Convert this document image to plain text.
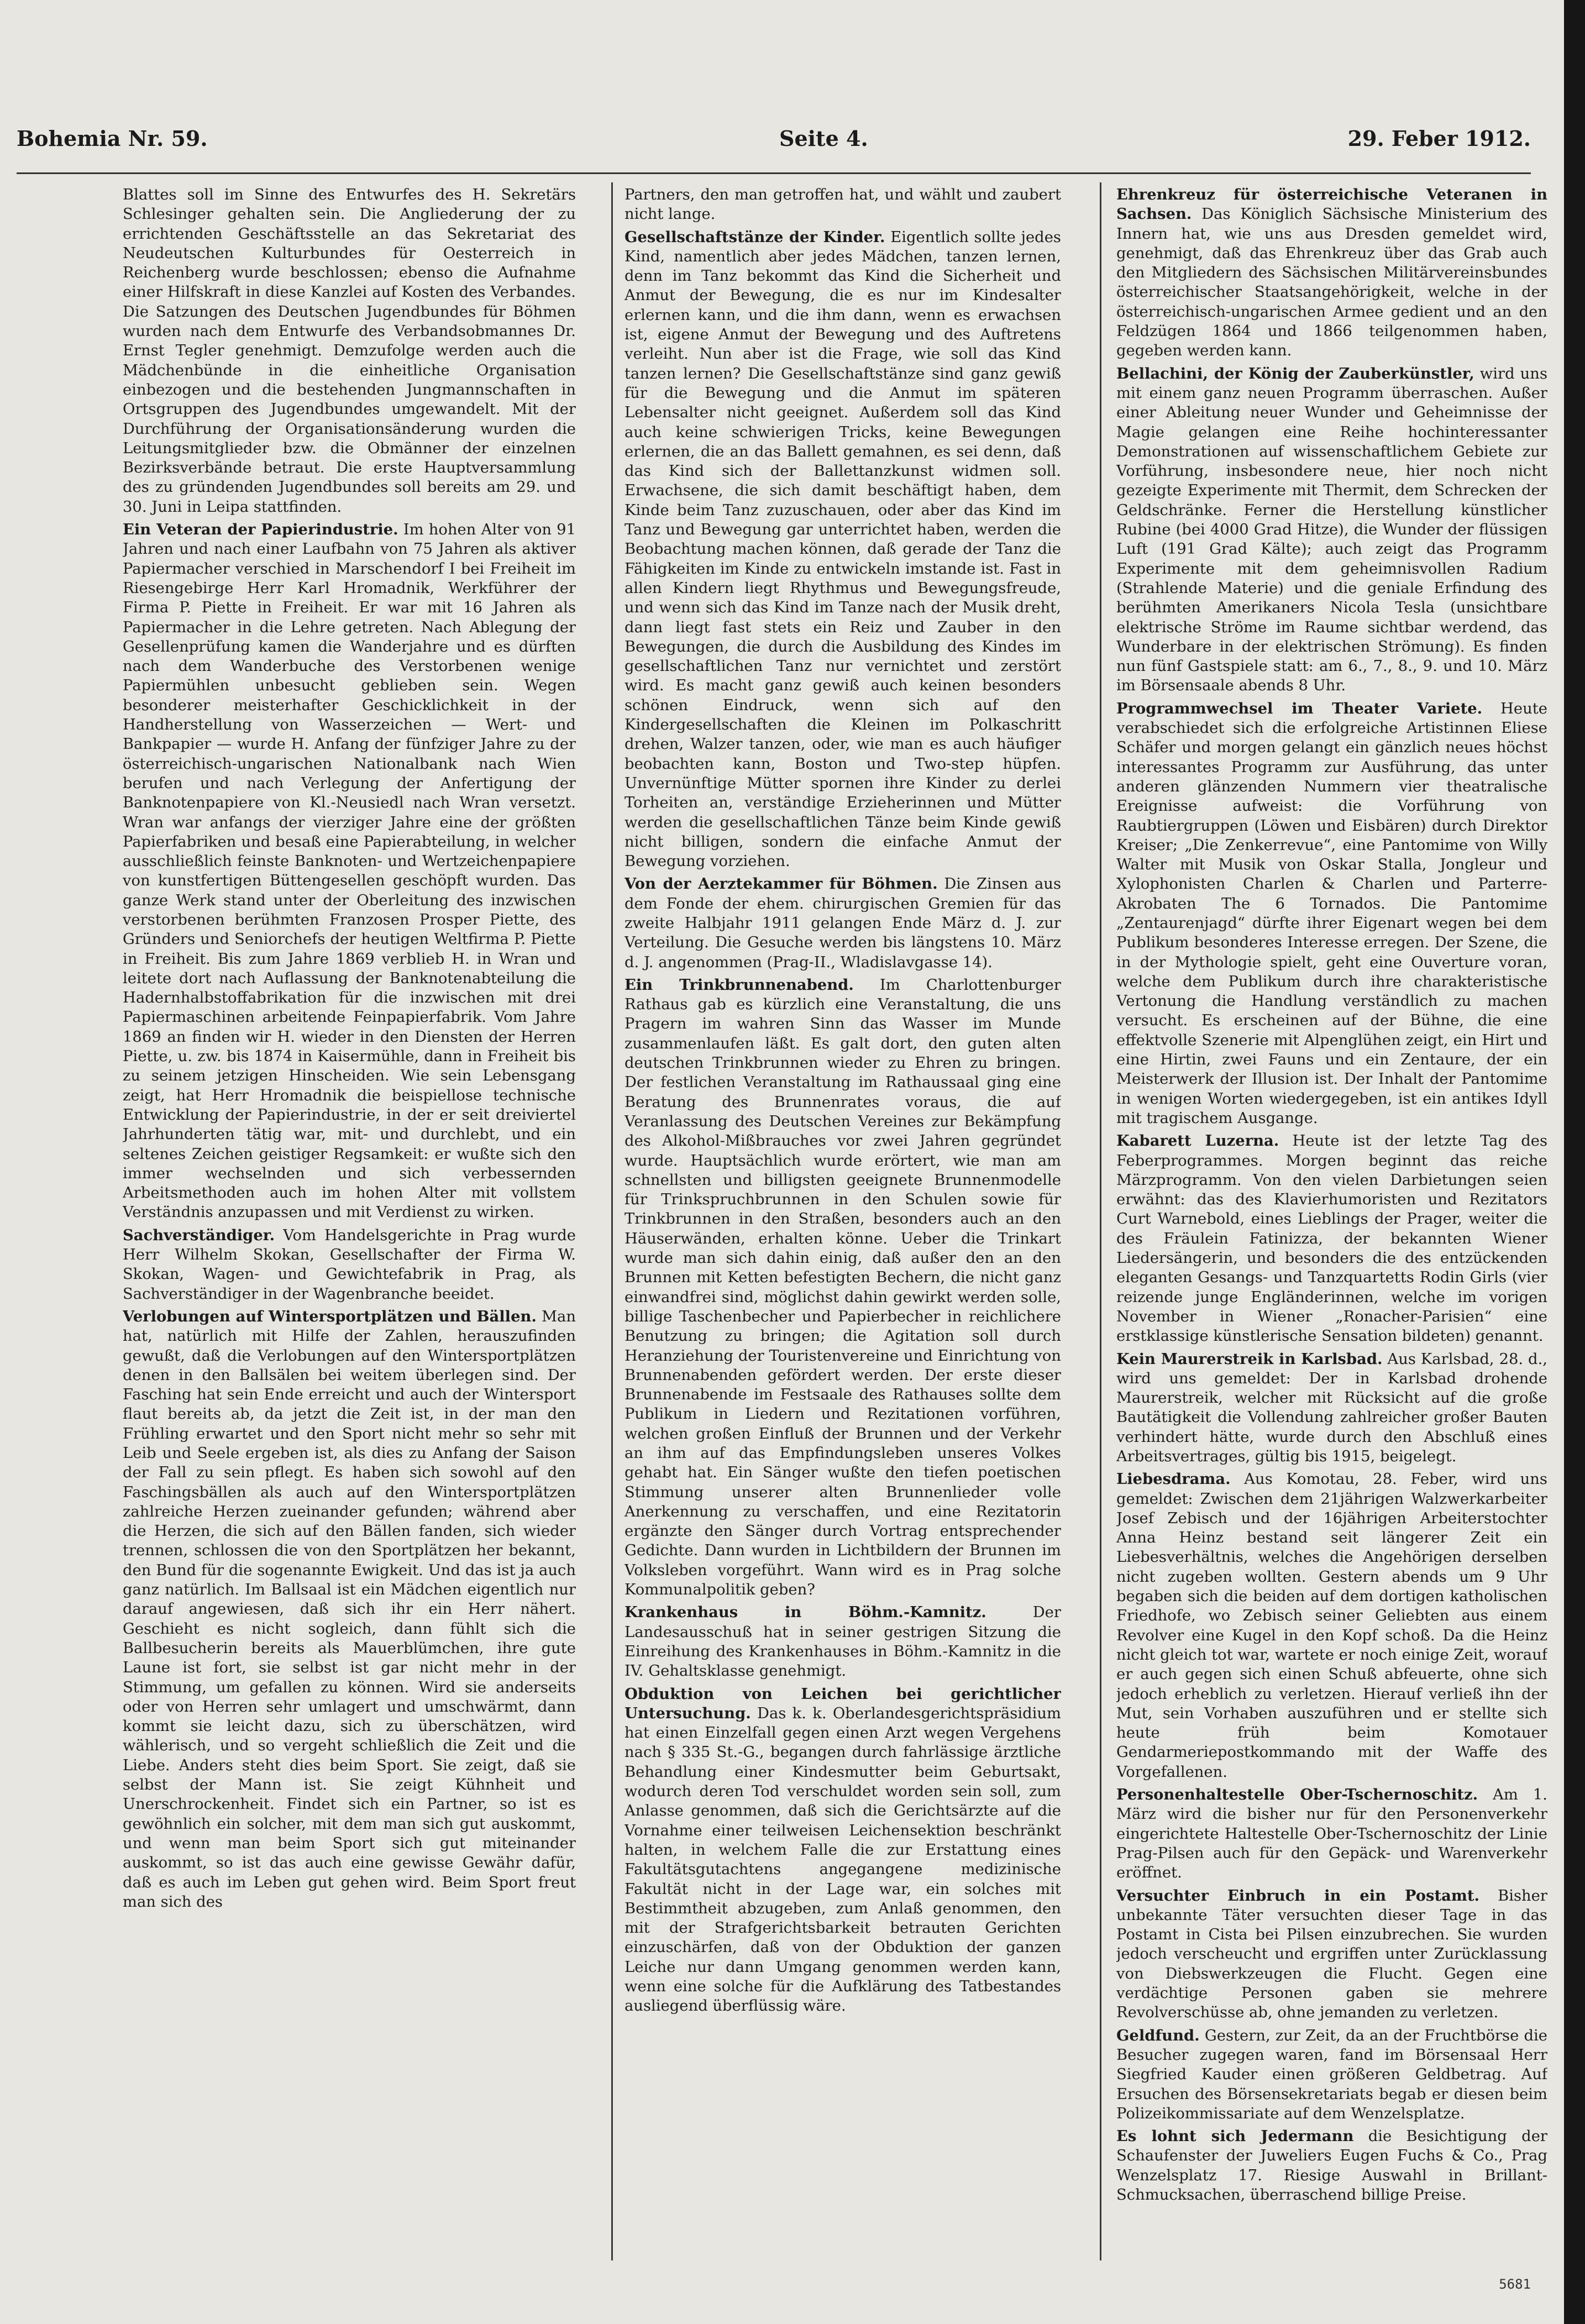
Bohemia Nr. 59.	Seite 4.	29. Feber 1912.

Blattes soll im Sinne des Entwurfes des H. Sekretärs Schlesinger gehalten sein. Die Angliederung der zu errichtenden Geschäftsstelle an das Sekretariat des Neudeutschen Kulturbundes für Oesterreich in Reichenberg wurde beschlossen; ebenso die Aufnahme einer Hilfskraft in diese Kanzlei auf Kosten des Verbandes. Die Satzungen des Deutschen Jugendbundes für Böhmen wurden nach dem Entwurfe des Verbandsobmannes Dr. Ernst Tegler genehmigt. Demzufolge werden auch die Mädchenbünde in die einheitliche Organisation einbezogen und die bestehenden Jungmannschaften in Ortsgruppen des Jugendbundes umgewandelt. Mit der Durchführung der Organisationsänderung wurden die Leitungsmitglieder bzw. die Obmänner der einzelnen Bezirksverbände betraut. Die erste Hauptversammlung des zu gründenden Jugendbundes soll bereits am 29. und 30. Juni in Leipa stattfinden.

Ein Veteran der Papierindustrie. Im hohen Alter von 91 Jahren und nach einer Laufbahn von 75 Jahren als aktiver Papiermacher verschied in Marschendorf I bei Freiheit im Riesengebirge Herr Karl Hromadnik, Werkführer der Firma P. Piette in Freiheit. Er war mit 16 Jahren als Papiermacher in die Lehre getreten. Nach Ablegung der Gesellenprüfung kamen die Wanderjahre und es dürften nach dem Wanderbuche des Verstorbenen wenige Papiermühlen unbesucht geblieben sein. Wegen besonderer meisterhafter Geschicklichkeit in der Handherstellung von Wasserzeichen — Wert- und Bankpapier — wurde H. Anfang der fünfziger Jahre zu der österreichisch-ungarischen Nationalbank nach Wien berufen und nach Verlegung der Anfertigung der Banknotenpapiere von Kl.-Neusiedl nach Wran versetzt. Wran war anfangs der vierziger Jahre eine der größten Papierfabriken und besaß eine Papierabteilung, in welcher ausschließlich feinste Banknoten- und Wertzeichenpapiere von kunstfertigen Büttengesellen geschöpft wurden. Das ganze Werk stand unter der Oberleitung des inzwischen verstorbenen berühmten Franzosen Prosper Piette, des Gründers und Seniorchefs der heutigen Weltfirma P. Piette in Freiheit. Bis zum Jahre 1869 verblieb H. in Wran und leitete dort nach Auflassung der Banknotenabteilung die Hadernhalbstoffabrikation für die inzwischen mit drei Papiermaschinen arbeitende Feinpapierfabrik. Vom Jahre 1869 an finden wir H. wieder in den Diensten der Herren Piette, u. zw. bis 1874 in Kaisermühle, dann in Freiheit bis zu seinem jetzigen Hinscheiden. Wie sein Lebensgang zeigt, hat Herr Hromadnik die beispiellose technische Entwicklung der Papierindustrie, in der er seit dreiviertel Jahrhunderten tätig war, mit- und durchlebt, und ein seltenes Zeichen geistiger Regsamkeit: er wußte sich den immer wechselnden und sich verbessernden Arbeitsmethoden auch im hohen Alter mit vollstem Verständnis anzupassen und mit Verdienst zu wirken.

Sachverständiger. Vom Handelsgerichte in Prag wurde Herr Wilhelm Skokan, Gesellschafter der Firma W. Skokan, Wagen- und Gewichtefabrik in Prag, als Sachverständiger in der Wagenbranche beeidet.

Verlobungen auf Wintersportplätzen und Bällen. Man hat, natürlich mit Hilfe der Zahlen, herauszufinden gewußt, daß die Verlobungen auf den Wintersportplätzen denen in den Ballsälen bei weitem überlegen sind. Der Fasching hat sein Ende erreicht und auch der Wintersport flaut bereits ab, da jetzt die Zeit ist, in der man den Frühling erwartet und den Sport nicht mehr so sehr mit Leib und Seele ergeben ist, als dies zu Anfang der Saison der Fall zu sein pflegt. Es haben sich sowohl auf den Faschingsbällen als auch auf den Wintersportplätzen zahlreiche Herzen zueinander gefunden; während aber die Herzen, die sich auf den Bällen fanden, sich wieder trennen, schlossen die von den Sportplätzen her bekannt, den Bund für die sogenannte Ewigkeit. Und das ist ja auch ganz natürlich. Im Ballsaal ist ein Mädchen eigentlich nur darauf angewiesen, daß sich ihr ein Herr nähert. Geschieht es nicht sogleich, dann fühlt sich die Ballbesucherin bereits als Mauerblümchen, ihre gute Laune ist fort, sie selbst ist gar nicht mehr in der Stimmung, um gefallen zu können. Wird sie anderseits oder von Herren sehr umlagert und umschwärmt, dann kommt sie leicht dazu, sich zu überschätzen, wird wählerisch, und so vergeht schließlich die Zeit und die Liebe. Anders steht dies beim Sport. Sie zeigt, daß sie selbst der Mann ist. Sie zeigt Kühnheit und Unerschrockenheit. Findet sich ein Partner, so ist es gewöhnlich ein solcher, mit dem man sich gut auskommt, und wenn man beim Sport sich gut miteinander auskommt, so ist das auch eine gewisse Gewähr dafür, daß es auch im Leben gut gehen wird. Beim Sport freut man sich des

Partners, den man getroffen hat, und wählt und zaubert nicht lange.

Gesellschaftstänze der Kinder. Eigentlich sollte jedes Kind, namentlich aber jedes Mädchen, tanzen lernen, denn im Tanz bekommt das Kind die Sicherheit und Anmut der Bewegung, die es nur im Kindesalter erlernen kann, und die ihm dann, wenn es erwachsen ist, eigene Anmut der Bewegung und des Auftretens verleiht. Nun aber ist die Frage, wie soll das Kind tanzen lernen? Die Gesellschaftstänze sind ganz gewiß für die Bewegung und die Anmut im späteren Lebensalter nicht geeignet. Außerdem soll das Kind auch keine schwierigen Tricks, keine Bewegungen erlernen, die an das Ballett gemahnen, es sei denn, daß das Kind sich der Ballettanzkunst widmen soll. Erwachsene, die sich damit beschäftigt haben, dem Kinde beim Tanz zuzuschauen, oder aber das Kind im Tanz und Bewegung gar unterrichtet haben, werden die Beobachtung machen können, daß gerade der Tanz die Fähigkeiten im Kinde zu entwickeln imstande ist. Fast in allen Kindern liegt Rhythmus und Bewegungsfreude, und wenn sich das Kind im Tanze nach der Musik dreht, dann liegt fast stets ein Reiz und Zauber in den Bewegungen, die durch die Ausbildung des Kindes im gesellschaftlichen Tanz nur vernichtet und zerstört wird. Es macht ganz gewiß auch keinen besonders schönen Eindruck, wenn sich auf den Kindergesellschaften die Kleinen im Polkaschritt drehen, Walzer tanzen, oder, wie man es auch häufiger beobachten kann, Boston und Two-step hüpfen. Unvernünftige Mütter spornen ihre Kinder zu derlei Torheiten an, verständige Erzieherinnen und Mütter werden die gesellschaftlichen Tänze beim Kinde gewiß nicht billigen, sondern die einfache Anmut der Bewegung vorziehen.

Von der Aerztekammer für Böhmen. Die Zinsen aus dem Fonde der ehem. chirurgischen Gremien für das zweite Halbjahr 1911 gelangen Ende März d. J. zur Verteilung. Die Gesuche werden bis längstens 10. März d. J. angenommen (Prag-II., Wladislavgasse 14).

Ein Trinkbrunnenabend. Im Charlottenburger Rathaus gab es kürzlich eine Veranstaltung, die uns Pragern im wahren Sinn das Wasser im Munde zusammenlaufen läßt. Es galt dort, den guten alten deutschen Trinkbrunnen wieder zu Ehren zu bringen. Der festlichen Veranstaltung im Rathaussaal ging eine Beratung des Brunnenrates voraus, die auf Veranlassung des Deutschen Vereines zur Bekämpfung des Alkohol-Mißbrauches vor zwei Jahren gegründet wurde. Hauptsächlich wurde erörtert, wie man am schnellsten und billigsten geeignete Brunnenmodelle für Trinkspruchbrunnen in den Schulen sowie für Trinkbrunnen in den Straßen, besonders auch an den Häuserwänden, erhalten könne. Ueber die Trinkart wurde man sich dahin einig, daß außer den an den Brunnen mit Ketten befestigten Bechern, die nicht ganz einwandfrei sind, möglichst dahin gewirkt werden solle, billige Taschenbecher und Papierbecher in reichlichere Benutzung zu bringen; die Agitation soll durch Heranziehung der Touristenvereine und Einrichtung von Brunnenabenden gefördert werden. Der erste dieser Brunnenabende im Festsaale des Rathauses sollte dem Publikum in Liedern und Rezitationen vorführen, welchen großen Einfluß der Brunnen und der Verkehr an ihm auf das Empfindungsleben unseres Volkes gehabt hat. Ein Sänger wußte den tiefen poetischen Stimmung unserer alten Brunnenlieder volle Anerkennung zu verschaffen, und eine Rezitatorin ergänzte den Sänger durch Vortrag entsprechender Gedichte. Dann wurden in Lichtbildern der Brunnen im Volksleben vorgeführt. Wann wird es in Prag solche Kommunalpolitik geben?

Krankenhaus in Böhm.-Kamnitz. Der Landesausschuß hat in seiner gestrigen Sitzung die Einreihung des Krankenhauses in Böhm.-Kamnitz in die IV. Gehaltsklasse genehmigt.

Obduktion von Leichen bei gerichtlicher Untersuchung. Das k. k. Oberlandesgerichtspräsidium hat einen Einzelfall gegen einen Arzt wegen Vergehens nach § 335 St.-G., begangen durch fahrlässige ärztliche Behandlung einer Kindesmutter beim Geburtsakt, wodurch deren Tod verschuldet worden sein soll, zum Anlasse genommen, daß sich die Gerichtsärzte auf die Vornahme einer teilweisen Leichensektion beschränkt halten, in welchem Falle die zur Erstattung eines Fakultätsgutachtens angegangene medizinische Fakultät nicht in der Lage war, ein solches mit Bestimmtheit abzugeben, zum Anlaß genommen, den mit der Strafgerichtsbarkeit betrauten Gerichten einzuschärfen, daß von der Obduktion der ganzen Leiche nur dann Umgang genommen werden kann, wenn eine solche für die Aufklärung des Tatbestandes ausliegend überflüssig wäre.

Ehrenkreuz für österreichische Veteranen in Sachsen. Das Königlich Sächsische Ministerium des Innern hat, wie uns aus Dresden gemeldet wird, genehmigt, daß das Ehrenkreuz über das Grab auch den Mitgliedern des Sächsischen Militärvereinsbundes österreichischer Staatsangehörigkeit, welche in der österreichisch-ungarischen Armee gedient und an den Feldzügen 1864 und 1866 teilgenommen haben, gegeben werden kann.

Bellachini, der König der Zauberkünstler, wird uns mit einem ganz neuen Programm überraschen. Außer einer Ableitung neuer Wunder und Geheimnisse der Magie gelangen eine Reihe hochinteressanter Demonstrationen auf wissenschaftlichem Gebiete zur Vorführung, insbesondere neue, hier noch nicht gezeigte Experimente mit Thermit, dem Schrecken der Geldschränke. Ferner die Herstellung künstlicher Rubine (bei 4000 Grad Hitze), die Wunder der flüssigen Luft (191 Grad Kälte); auch zeigt das Programm Experimente mit dem geheimnisvollen Radium (Strahlende Materie) und die geniale Erfindung des berühmten Amerikaners Nicola Tesla (unsichtbare elektrische Ströme im Raume sichtbar werdend, das Wunderbare in der elektrischen Strömung). Es finden nun fünf Gastspiele statt: am 6., 7., 8., 9. und 10. März im Börsensaale abends 8 Uhr.

Programmwechsel im Theater Variete. Heute verabschiedet sich die erfolgreiche Artistinnen Eliese Schäfer und morgen gelangt ein gänzlich neues höchst interessantes Programm zur Ausführung, das unter anderen glänzenden Nummern vier theatralische Ereignisse aufweist: die Vorführung von Raubtiergruppen (Löwen und Eisbären) durch Direktor Kreiser; „Die Zenkerrevue“, eine Pantomime von Willy Walter mit Musik von Oskar Stalla, Jongleur und Xylophonisten Charlen & Charlen und Parterre-Akrobaten The 6 Tornados. Die Pantomime „Zentaurenjagd“ dürfte ihrer Eigenart wegen bei dem Publikum besonderes Interesse erregen. Der Szene, die in der Mythologie spielt, geht eine Ouverture voran, welche dem Publikum durch ihre charakteristische Vertonung die Handlung verständlich zu machen versucht. Es erscheinen auf der Bühne, die eine effektvolle Szenerie mit Alpenglühen zeigt, ein Hirt und eine Hirtin, zwei Fauns und ein Zentaure, der ein Meisterwerk der Illusion ist. Der Inhalt der Pantomime in wenigen Worten wiedergegeben, ist ein antikes Idyll mit tragischem Ausgange.

Kabarett Luzerna. Heute ist der letzte Tag des Feberprogrammes. Morgen beginnt das reiche Märzprogramm. Von den vielen Darbietungen seien erwähnt: das des Klavierhumoristen und Rezitators Curt Warnebold, eines Lieblings der Prager, weiter die des Fräulein Fatinizza, der bekannten Wiener Liedersängerin, und besonders die des entzückenden eleganten Gesangs- und Tanzquartetts Rodin Girls (vier reizende junge Engländerinnen, welche im vorigen November in Wiener „Ronacher-Parisien“ eine erstklassige künstlerische Sensation bildeten) genannt.

Kein Maurerstreik in Karlsbad. Aus Karlsbad, 28. d., wird uns gemeldet: Der in Karlsbad drohende Maurerstreik, welcher mit Rücksicht auf die große Bautätigkeit die Vollendung zahlreicher großer Bauten verhindert hätte, wurde durch den Abschluß eines Arbeitsvertrages, gültig bis 1915, beigelegt.

Liebesdrama. Aus Komotau, 28. Feber, wird uns gemeldet: Zwischen dem 21jährigen Walzwerkarbeiter Josef Zebisch und der 16jährigen Arbeiterstochter Anna Heinz bestand seit längerer Zeit ein Liebesverhältnis, welches die Angehörigen derselben nicht zugeben wollten. Gestern abends um 9 Uhr begaben sich die beiden auf dem dortigen katholischen Friedhofe, wo Zebisch seiner Geliebten aus einem Revolver eine Kugel in den Kopf schoß. Da die Heinz nicht gleich tot war, wartete er noch einige Zeit, worauf er auch gegen sich einen Schuß abfeuerte, ohne sich jedoch erheblich zu verletzen. Hierauf verließ ihn der Mut, sein Vorhaben auszuführen und er stellte sich heute früh beim Komotauer Gendarmeriepostkommando mit der Waffe des Vorgefallenen.

Personenhaltestelle Ober-Tschernoschitz. Am 1. März wird die bisher nur für den Personenverkehr eingerichtete Haltestelle Ober-Tschernoschitz der Linie Prag-Pilsen auch für den Gepäck- und Warenverkehr eröffnet.

Versuchter Einbruch in ein Postamt. Bisher unbekannte Täter versuchten dieser Tage in das Postamt in Cista bei Pilsen einzubrechen. Sie wurden jedoch verscheucht und ergriffen unter Zurücklassung von Diebswerkzeugen die Flucht. Gegen eine verdächtige Personen gaben sie mehrere Revolverschüsse ab, ohne jemanden zu verletzen.

Geldfund. Gestern, zur Zeit, da an der Fruchtbörse die Besucher zugegen waren, fand im Börsensaal Herr Siegfried Kauder einen größeren Geldbetrag. Auf Ersuchen des Börsensekretariats begab er diesen beim Polizeikommissariate auf dem Wenzelsplatze.

Es lohnt sich Jedermann die Besichtigung der Schaufenster der Juweliers Eugen Fuchs & Co., Prag Wenzelsplatz 17. Riesige Auswahl in Brillant-Schmucksachen, überraschend billige Preise.

5681
